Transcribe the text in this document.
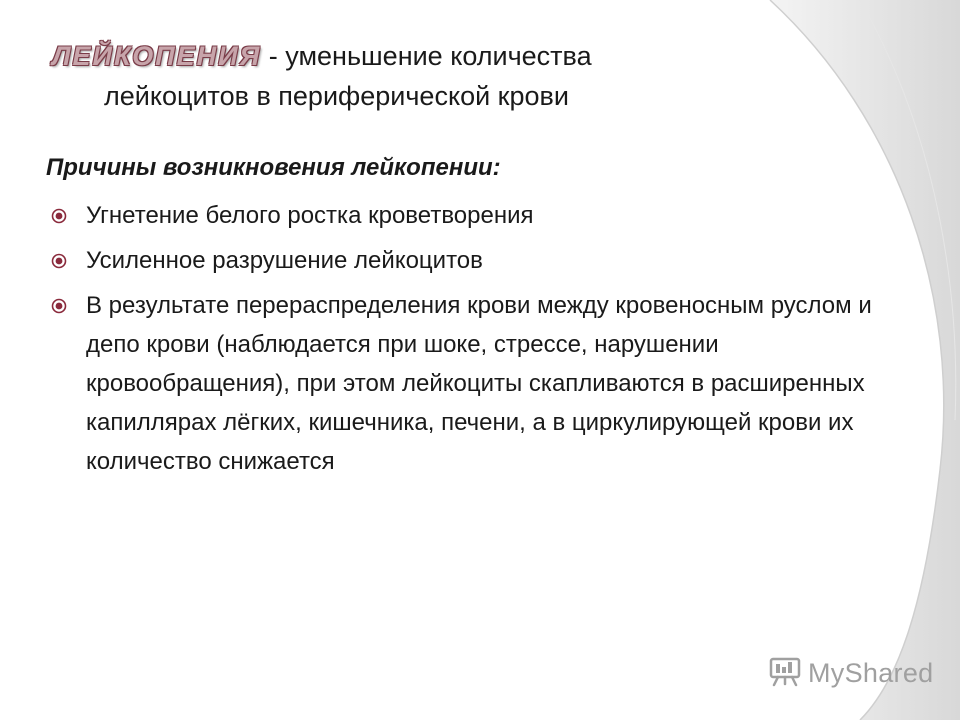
ЛЕЙКОПЕНИЯ - уменьшение количества
лейкоцитов в периферической крови
Причины возникновения лейкопении:
Угнетение белого ростка кроветворения
Усиленное разрушение лейкоцитов
В результате перераспределения крови между кровеносным руслом и депо крови (наблюдается при шоке, стрессе, нарушении кровообращения), при этом лейкоциты скапливаются в расширенных капиллярах лёгких, кишечника, печени, а в циркулирующей крови их количество снижается
MyShared
